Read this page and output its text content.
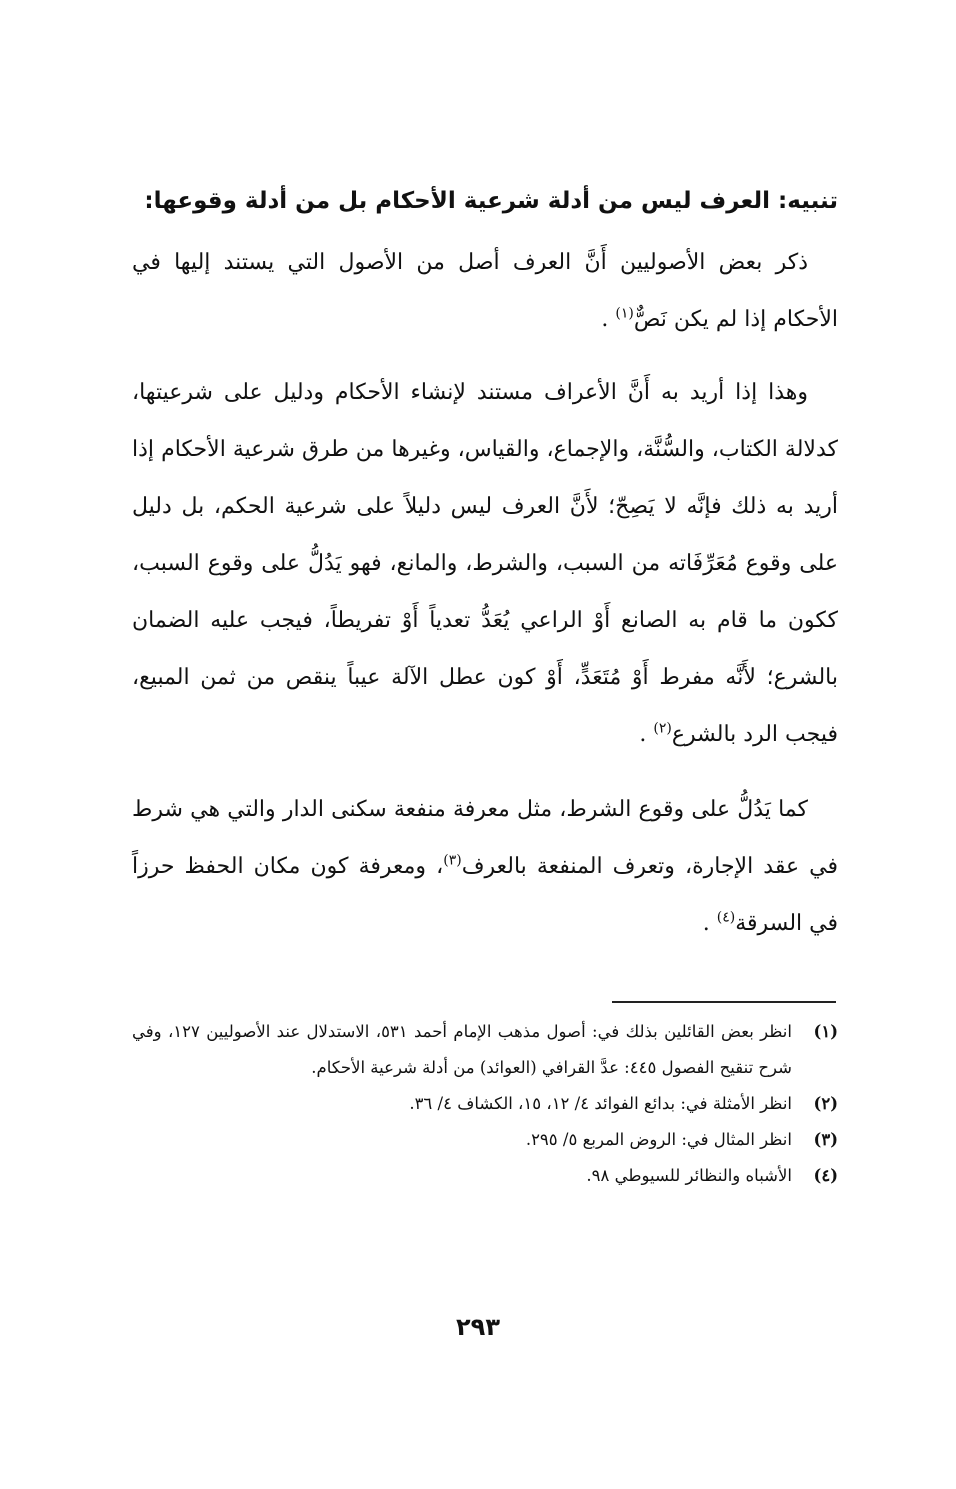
تنبيه: العرف ليس من أدلة شرعية الأحكام بل من أدلة وقوعها:

ذكر بعض الأصوليين أَنَّ العرف أصل من الأصول التي يستند إليها في الأحكام إذا لم يكن نَصٌّ$^{(١)}$ .

وهذا إذا أريد به أَنَّ الأعراف مستند لإنشاء الأحكام ودليل على شرعيتها، كدلالة الكتاب، والسُّنَّة، والإجماع، والقياس، وغيرها من طرق شرعية الأحكام إذا أريد به ذلك فإنَّه لا يَصِحّ؛ لأَنَّ العرف ليس دليلاً على شرعية الحكم، بل دليل على وقوع مُعَرِّفَاته من السبب، والشرط، والمانع، فهو يَدُلُّ على وقوع السبب، ككون ما قام به الصانع أَوْ الراعي يُعَدُّ تعدياً أَوْ تفريطاً، فيجب عليه الضمان بالشرع؛ لأَنَّه مفرط أَوْ مُتَعَدٍّ، أَوْ كون عطل الآلة عيباً ينقص من ثمن المبيع، فيجب الرد بالشرع$^{(٢)}$ .

كما يَدُلُّ على وقوع الشرط، مثل معرفة منفعة سكنى الدار والتي هي شرط في عقد الإجارة، وتعرف المنفعة بالعرف$^{(٣)}$، ومعرفة كون مكان الحفظ حرزاً في السرقة$^{(٤)}$ .

(١)
انظر بعض القائلين بذلك في: أصول مذهب الإمام أحمد ٥٣١، الاستدلال عند الأصوليين ١٢٧، وفي شرح تنقيح الفصول ٤٤٥: عدَّ القرافي (العوائد) من أدلة شرعية الأحكام.
(٢)
انظر الأمثلة في: بدائع الفوائد ٤/ ١٢، ١٥، الكشاف ٤/ ٣٦.
(٣)
انظر المثال في: الروض المربع ٥/ ٢٩٥.
(٤)
الأشباه والنظائر للسيوطي ٩٨.
٢٩٣
